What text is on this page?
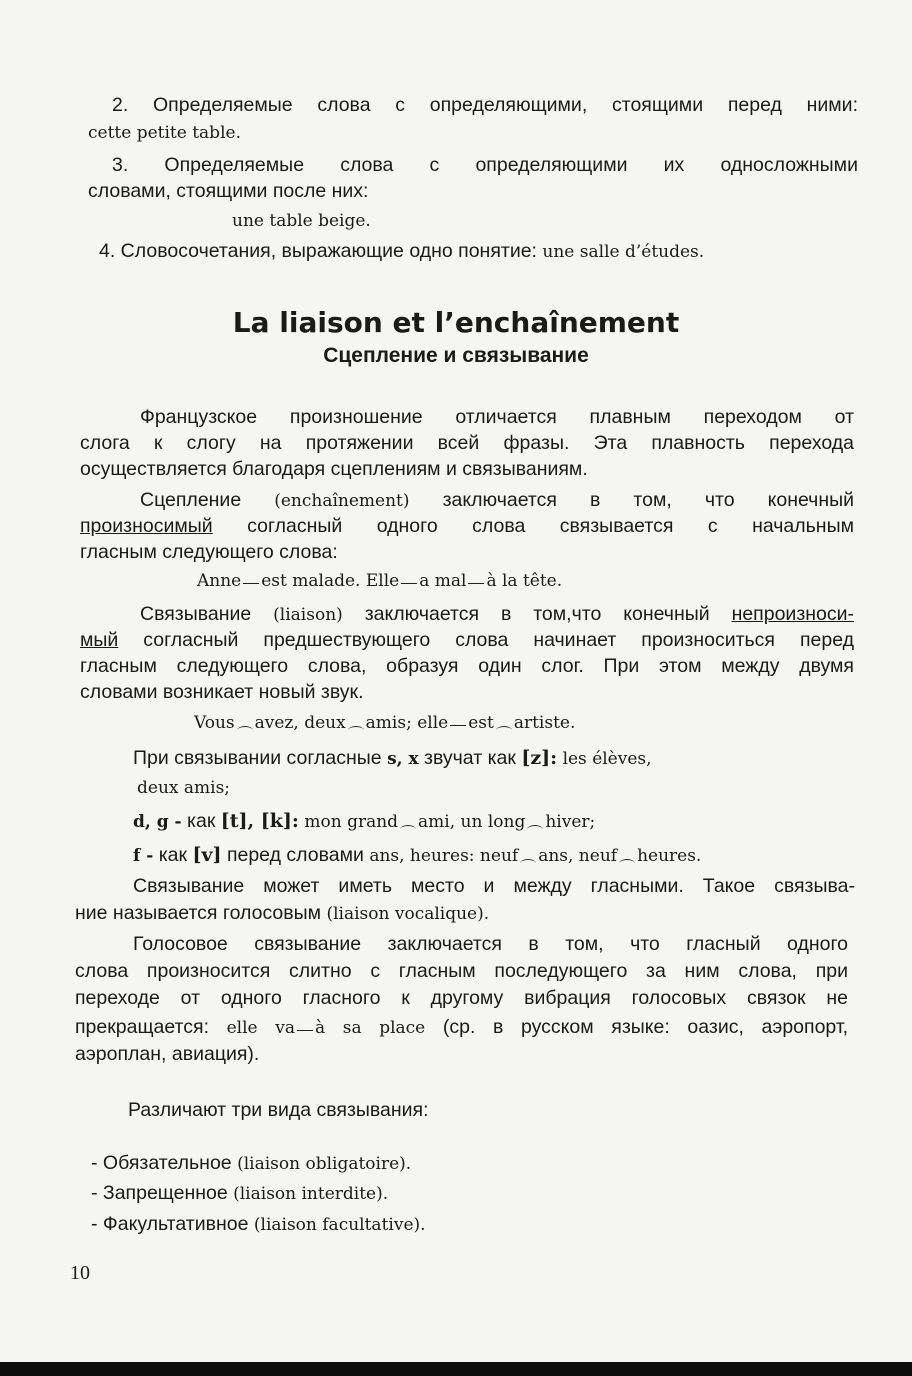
2. Определяемые слова с определяющими, стоящими перед ними:
cette petite table.
3. Определяемые слова с определяющими их односложными
словами, стоящими после них:
une table beige.
4. Словосочетания, выражающие одно понятие: une salle d’études.
La liaison et l’enchaînement
Сцепление и связывание
Французское произношение отличается плавным переходом от
слога к слогу на протяжении всей фразы. Эта плавность перехода
осуществляется благодаря сцеплениям и связываниям.
Сцепление (enchaînement) заключается в том, что конечный
произносимый согласный одного слова связывается с начальным
гласным следующего слова:
Anne est malade. Elle a mal à la tête.
Связывание (liaison) заключается в том,что конечный непроизноси-
мый согласный предшествующего слова начинает произноситься перед
гласным следующего слова, образуя один слог. При этом между двумя
словами возникает новый звук.
Vous avez, deux amis; elle est artiste.
При связывании согласные s, x звучат как [z]: les élèves,
deux amis;
d, g - как [t], [k]: mon grand ami, un long hiver;
f - как [v] перед словами ans, heures: neuf ans, neuf heures.
Связывание может иметь место и между гласными. Такое связыва-
ние называется голосовым (liaison vocalique).
Голосовое связывание заключается в том, что гласный одного
слова произносится слитно с гласным последующего за ним слова, при
переходе от одного гласного к другому вибрация голосовых связок не
прекращается: elle va à sa place (ср. в русском языке: оазис, аэропорт,
аэроплан, авиация).
Различают три вида связывания:
- Обязательное (liaison obligatoire).
- Запрещенное (liaison interdite).
- Факультативное (liaison facultative).
10
